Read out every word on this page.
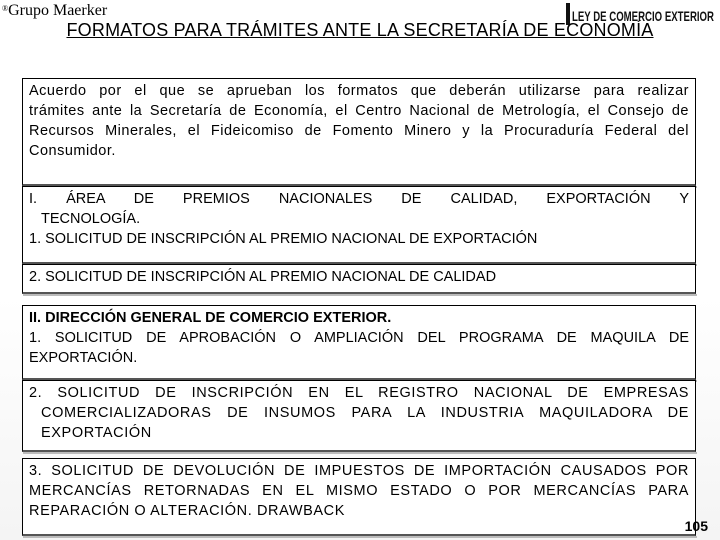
®Grupo Maerker	LEY DE COMERCIO EXTERIOR
FORMATOS PARA TRÁMITES ANTE LA SECRETARÍA DE ECONOMÍA
Acuerdo por el que se aprueban los formatos que deberán utilizarse para realizar trámites ante la Secretaría de Economía, el Centro Nacional de Metrología, el Consejo de Recursos Minerales, el Fideicomiso de Fomento Minero y la Procuraduría Federal del Consumidor.
I. ÁREA DE PREMIOS NACIONALES DE CALIDAD, EXPORTACIÓN Y
TECNOLOGÍA.
1. SOLICITUD DE INSCRIPCIÓN AL PREMIO NACIONAL DE EXPORTACIÓN
2. SOLICITUD DE INSCRIPCIÓN AL PREMIO NACIONAL DE CALIDAD
II. DIRECCIÓN GENERAL DE COMERCIO EXTERIOR.
1. SOLICITUD DE APROBACIÓN O AMPLIACIÓN DEL PROGRAMA DE MAQUILA DE EXPORTACIÓN.
2. SOLICITUD DE INSCRIPCIÓN EN EL REGISTRO NACIONAL DE EMPRESAS
COMERCIALIZADORAS DE INSUMOS PARA LA INDUSTRIA MAQUILADORA DE EXPORTACIÓN
3. SOLICITUD DE DEVOLUCIÓN DE IMPUESTOS DE IMPORTACIÓN CAUSADOS POR MERCANCÍAS RETORNADAS EN EL MISMO ESTADO O POR MERCANCÍAS PARA REPARACIÓN O ALTERACIÓN. DRAWBACK
105
